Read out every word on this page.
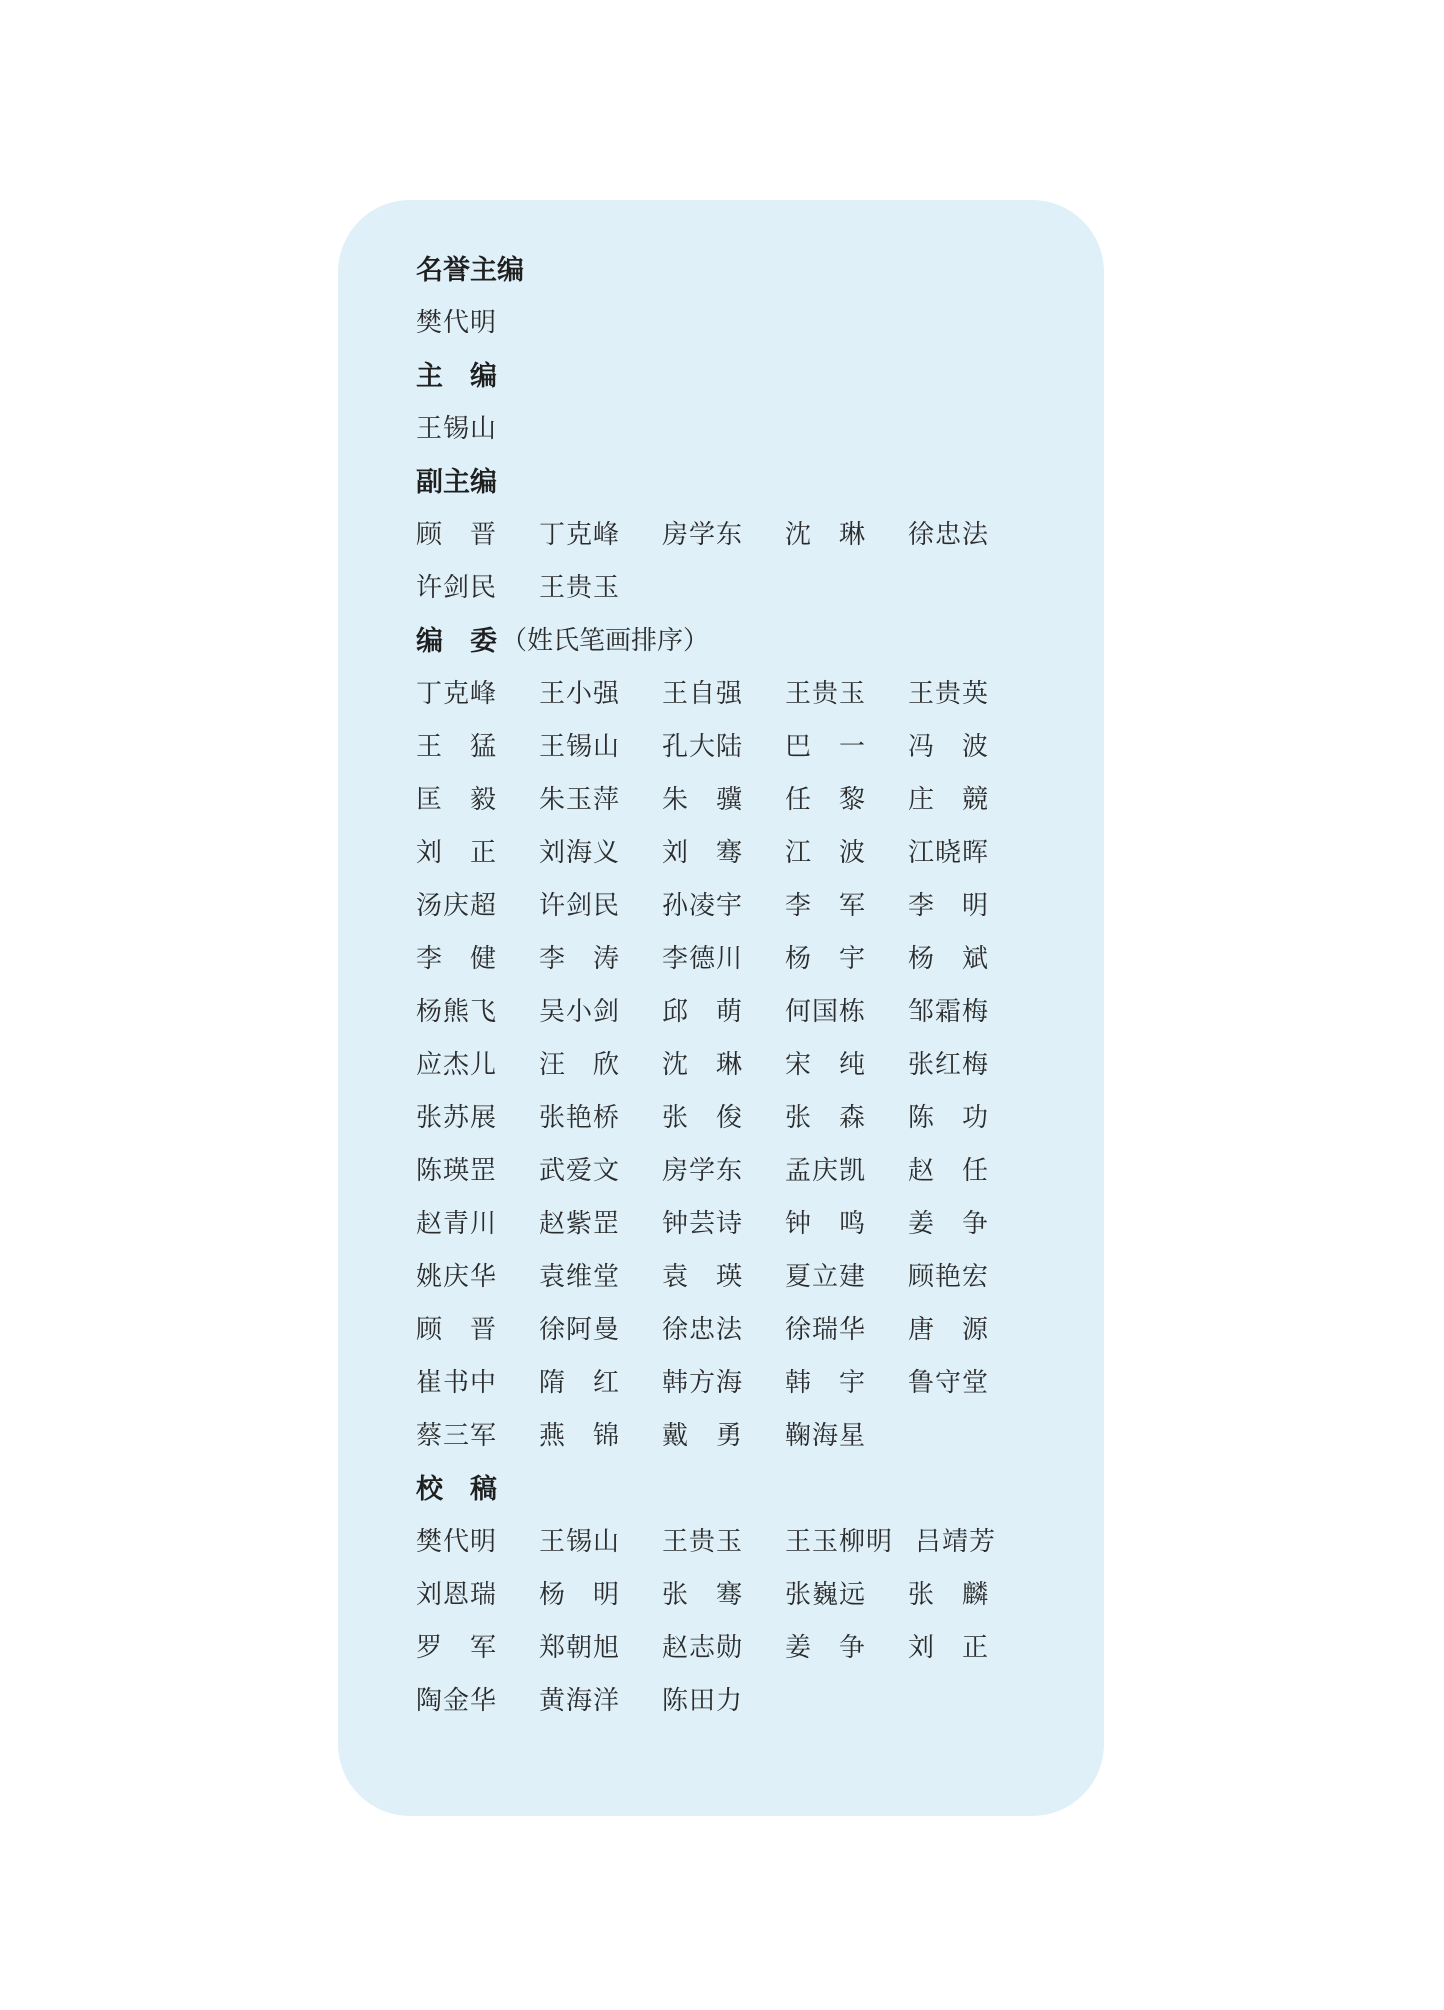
名誉主编
樊代明
主　编
王锡山
副主编
顾　晋	丁克峰	房学东	沈　琳	徐忠法
许剑民	王贵玉
编　委 （姓氏笔画排序）
丁克峰	王小强	王自强	王贵玉	王贵英
王　猛	王锡山	孔大陆	巴　一	冯　波
匡　毅	朱玉萍	朱　骥	任　黎	庄　競
刘　正	刘海义	刘　骞	江　波	江晓晖
汤庆超	许剑民	孙凌宇	李　军	李　明
李　健	李　涛	李德川	杨　宇	杨　斌
杨熊飞	吴小剑	邱　萌	何国栋	邹霜梅
应杰儿	汪　欣	沈　琳	宋　纯	张红梅
张苏展	张艳桥	张　俊	张　森	陈　功
陈瑛罡	武爱文	房学东	孟庆凯	赵　任
赵青川	赵紫罡	钟芸诗	钟　鸣	姜　争
姚庆华	袁维堂	袁　瑛	夏立建	顾艳宏
顾　晋	徐阿曼	徐忠法	徐瑞华	唐　源
崔书中	隋　红	韩方海	韩　宇	鲁守堂
蔡三军	燕　锦	戴　勇	鞠海星
校　稿
樊代明	王锡山	王贵玉	王玉柳明 吕靖芳
刘恩瑞	杨　明	张　骞	张巍远	张　麟
罗　军	郑朝旭	赵志勋	姜　争	刘　正
陶金华	黄海洋	陈田力
